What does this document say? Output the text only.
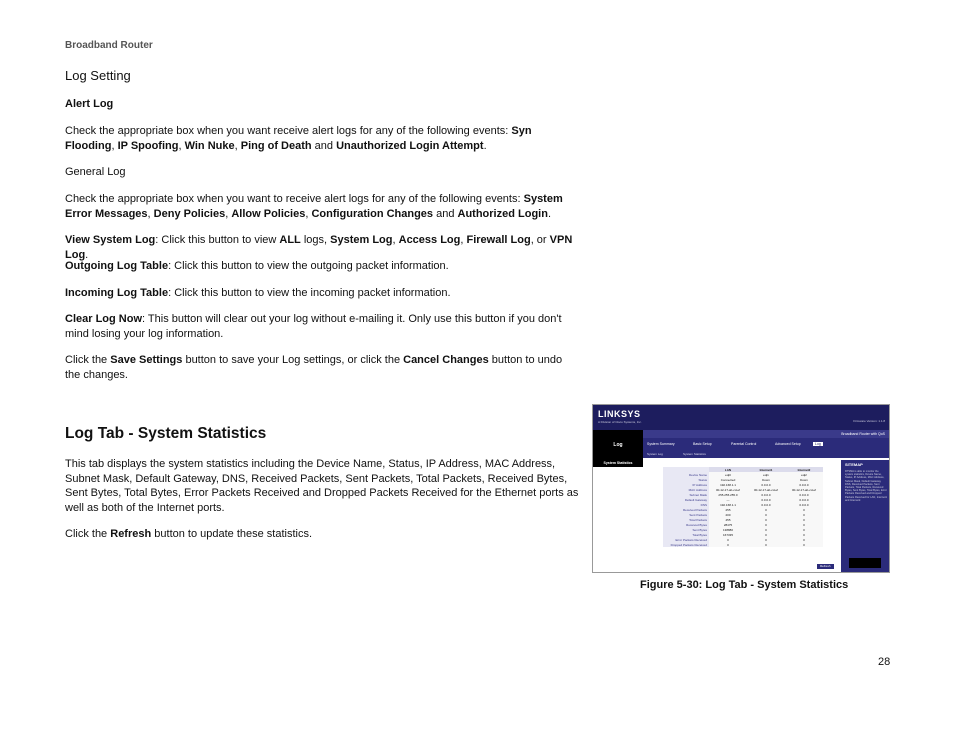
Broadband Router
Log Setting

Alert Log

Check the appropriate box when you want receive alert logs for any of the following events: Syn Flooding, IP Spoofing, Win Nuke, Ping of Death and Unauthorized Login Attempt.

General Log

Check the appropriate box when you want to receive alert logs for any of the following events: System Error Messages, Deny Policies, Allow Policies, Configuration Changes and Authorized Login.

View System Log: Click this button to view ALL logs, System Log, Access Log, Firewall Log, or VPN Log.

Outgoing Log Table: Click this button to view the outgoing packet information.

Incoming Log Table: Click this button to view the incoming packet information.

Clear Log Now: This button will clear out your log without e-mailing it. Only use this button if you don't mind losing your log information.

Click the Save Settings button to save your Log settings, or click the Cancel Changes button to undo the changes.

Log Tab - System Statistics

This tab displays the system statistics including the Device Name, Status, IP Address, MAC Address, Subnet Mask, Default Gateway, DNS, Received Packets, Sent Packets, Total Packets, Received Bytes, Sent Bytes, Total Bytes, Error Packets Received and Dropped Packets Received for the Ethernet ports as well as both of the Internet ports.

Click the Refresh button to update these statistics.

LINKSYS
A Division of Cisco Systems, Inc.	Firmware Version: 1.1.8
Log
Broadband Router with QoS
System Summary	Basic Setup	Parental Control	Advanced Setup	Log
System Log	System Statistics
System Statistics	SITEMAP
RTSMA is able to monitor the system statistics, Device Name, Status, IP Address, MAC Address, Subnet Mask, Default Gateway, DNS, Received Packets, Sent Packets, Total Packets, Received Bytes, Sent Bytes, Total Bytes, Error Packets Received and Dropped Packets Received for LAN, Internet1 and Internet2.
	LAN	Internet1	Internet2
Device Name	eql0	eql1	eql2
Status	Connected	Down	Down
IP Address	192.168.1.1	0.0.0.0	0.0.0.0
MAC Address	00-12-17-ab-cd-ef	00-12-17-ab-cd-ef	00-12-17-ab-cd-ef
Subnet Mask	255.255.255.0	0.0.0.0	0.0.0.0
Default Gateway	---	0.0.0.0	0.0.0.0
DNS	192.168.1.1	0.0.0.0	0.0.0.0
Received Packets	255	0	0
Sent Packets	200	0	0
Total Packets	455	0	0
Received Bytes	28475	0	0
Sent Bytes	138880	0	0
Total Bytes	167335	0	0
Error Packets Received	0	0	0
Dropped Packets Received	0	0	0
Refresh
Figure 5-30: Log Tab - System Statistics
28
